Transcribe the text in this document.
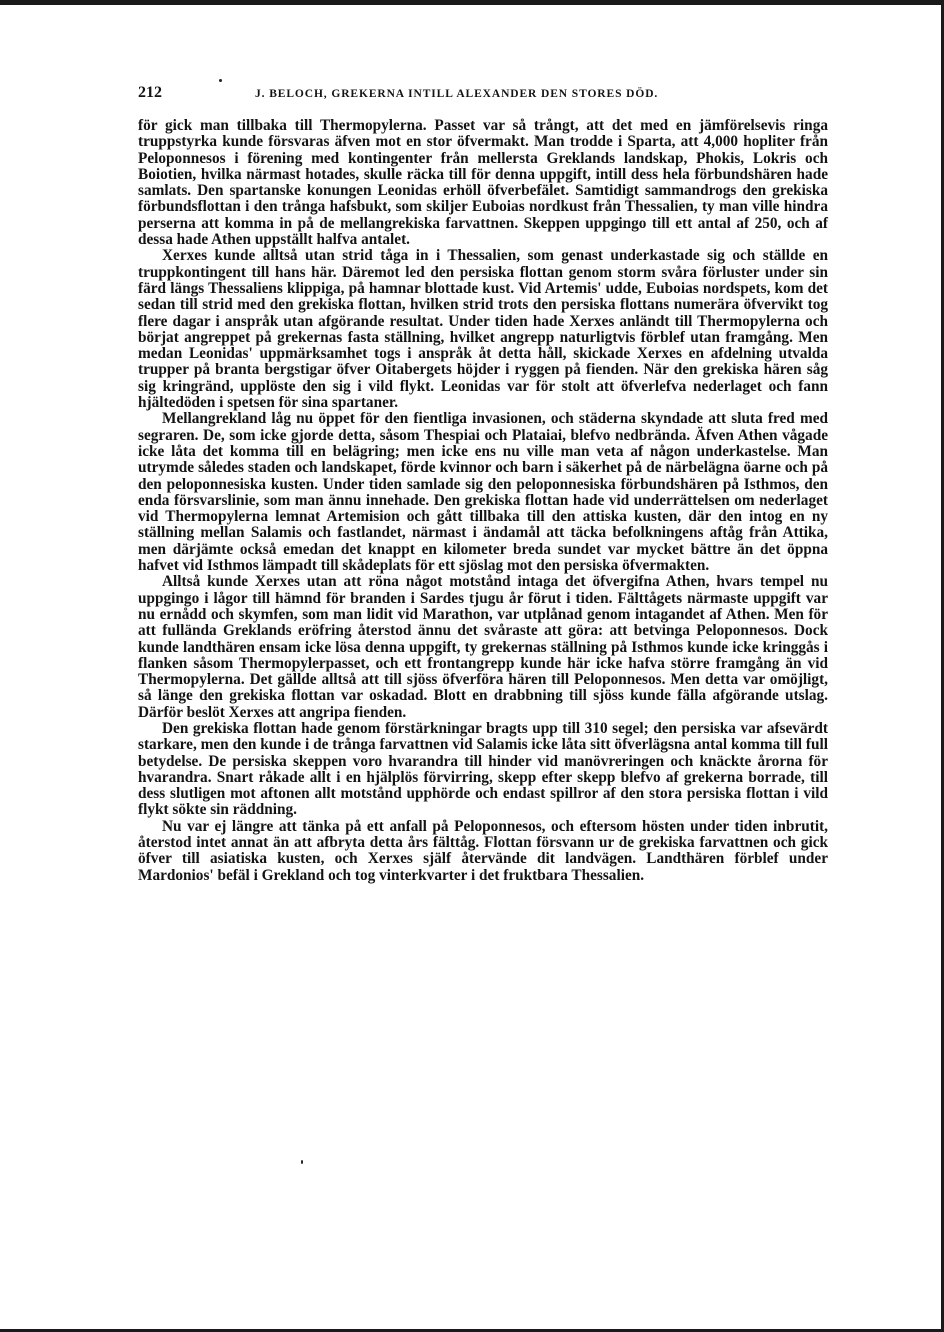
212	J. BELOCH, GREKERNA INTILL ALEXANDER DEN STORES DÖD.

för gick man tillbaka till Thermopylerna. Passet var så trångt, att det med en jämförelsevis ringa truppstyrka kunde försvaras äfven mot en stor öfvermakt. Man trodde i Sparta, att 4,000 hopliter från Peloponnesos i förening med kontingenter från mellersta Greklands landskap, Phokis, Lokris och Boiotien, hvilka närmast hotades, skulle räcka till för denna uppgift, intill dess hela förbundshären hade samlats. Den spartanske konungen Leonidas erhöll öfverbefälet. Samtidigt sammandrogs den grekiska förbundsflottan i den trånga hafsbukt, som skiljer Euboias nordkust från Thessalien, ty man ville hindra perserna att komma in på de mellangrekiska farvattnen. Skeppen uppgingo till ett antal af 250, och af dessa hade Athen uppställt halfva antalet.

Xerxes kunde alltså utan strid tåga in i Thessalien, som genast underkastade sig och ställde en truppkontingent till hans här. Däremot led den persiska flottan genom storm svåra förluster under sin färd längs Thessaliens klippiga, på hamnar blottade kust. Vid Artemis' udde, Euboias nordspets, kom det sedan till strid med den grekiska flottan, hvilken strid trots den persiska flottans numerära öfvervikt tog flere dagar i anspråk utan afgörande resultat. Under tiden hade Xerxes anländt till Thermopylerna och börjat angreppet på grekernas fasta ställning, hvilket angrepp naturligtvis förblef utan framgång. Men medan Leonidas' uppmärksamhet togs i anspråk åt detta håll, skickade Xerxes en afdelning utvalda trupper på branta bergstigar öfver Oitabergets höjder i ryggen på fienden. När den grekiska hären såg sig kringränd, upplöste den sig i vild flykt. Leonidas var för stolt att öfverlefva nederlaget och fann hjältedöden i spetsen för sina spartaner.

Mellangrekland låg nu öppet för den fientliga invasionen, och städerna skyndade att sluta fred med segraren. De, som icke gjorde detta, såsom Thespiai och Plataiai, blefvo nedbrända. Äfven Athen vågade icke låta det komma till en belägring; men icke ens nu ville man veta af någon underkastelse. Man utrymde således staden och landskapet, förde kvinnor och barn i säkerhet på de närbelägna öarne och på den peloponnesiska kusten. Under tiden samlade sig den peloponnesiska förbundshären på Isthmos, den enda försvarslinie, som man ännu innehade. Den grekiska flottan hade vid underrättelsen om nederlaget vid Thermopylerna lemnat Artemision och gått tillbaka till den attiska kusten, där den intog en ny ställning mellan Salamis och fastlandet, närmast i ändamål att täcka befolkningens aftåg från Attika, men därjämte också emedan det knappt en kilometer breda sundet var mycket bättre än det öppna hafvet vid Isthmos lämpadt till skådeplats för ett sjöslag mot den persiska öfvermakten.

Alltså kunde Xerxes utan att röna något motstånd intaga det öfvergifna Athen, hvars tempel nu uppgingo i lågor till hämnd för branden i Sardes tjugu år förut i tiden. Fälttågets närmaste uppgift var nu ernådd och skymfen, som man lidit vid Marathon, var utplånad genom intagandet af Athen. Men för att fullända Greklands eröfring återstod ännu det svåraste att göra: att betvinga Peloponnesos. Dock kunde landthären ensam icke lösa denna uppgift, ty grekernas ställning på Isthmos kunde icke kringgås i flanken såsom Thermopylerpasset, och ett frontangrepp kunde här icke hafva större framgång än vid Thermopylerna. Det gällde alltså att till sjöss öfverföra hären till Peloponnesos. Men detta var omöjligt, så länge den grekiska flottan var oskadad. Blott en drabbning till sjöss kunde fälla afgörande utslag. Därför beslöt Xerxes att angripa fienden.

Den grekiska flottan hade genom förstärkningar bragts upp till 310 segel; den persiska var afsevärdt starkare, men den kunde i de trånga farvattnen vid Salamis icke låta sitt öfverlägsna antal komma till full betydelse. De persiska skeppen voro hvarandra till hinder vid manövreringen och knäckte årorna för hvarandra. Snart råkade allt i en hjälplös förvirring, skepp efter skepp blefvo af grekerna borrade, till dess slutligen mot aftonen allt motstånd upphörde och endast spillror af den stora persiska flottan i vild flykt sökte sin räddning.

Nu var ej längre att tänka på ett anfall på Peloponnesos, och eftersom hösten under tiden inbrutit, återstod intet annat än att afbryta detta års fälttåg. Flottan försvann ur de grekiska farvattnen och gick öfver till asiatiska kusten, och Xerxes själf återvände dit landvägen. Landthären förblef under Mardonios' befäl i Grekland och tog vinterkvarter i det fruktbara Thessalien.
